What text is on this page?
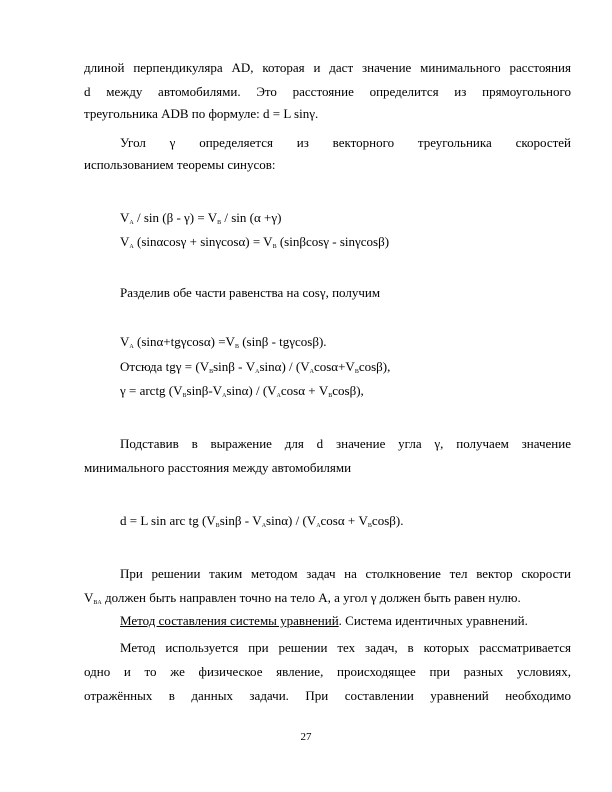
длиной перпендикуляра AD, которая и даст значение минимального расстояния
d между автомобилями. Это расстояние определится из прямоугольного
треугольника ADB по формуле: d = L sinγ.
Угол γ определяется из векторного треугольника скоростей
использованием теоремы синусов:
$V_A / \sin (\beta - \gamma) = V_B / \sin (\alpha +\gamma)$
$V_A$ $(\sin\alpha\cos\gamma + \sin\gamma\cos\alpha) = V_B$ (sinβcosγ - sinγcosβ)
Разделив обе части равенства на cosγ, получим
$V_A$ $(\sin\alpha+tg\gamma\cos\alpha) =V_B$ (sinβ - tgγcosβ).
Отсюда $tg\gamma = (V_B\sin\beta - V_A\sin\alpha) / (V_A\cos\alpha+V_B\cos\beta)$,
γ = arctg $(V_B\sin\beta-V_A\sin\alpha) / (V_A\cos\alpha + V_B\cos\beta)$,
Подставив в выражение для d значение угла γ, получаем значение
минимального расстояния между автомобилями
d = L sin arc tg $(V_B\sin\beta - V_A\sin\alpha) / (V_A\cos\alpha + V_B\cos\beta)$.
При решении таким методом задач на столкновение тел вектор скорости
$V_{BA}$ должен быть направлен точно на тело А, а угол γ должен быть равен нулю.
Метод составления системы уравнений. Система идентичных уравнений.
Метод используется при решении тех задач, в которых рассматривается
одно и то же физическое явление, происходящее при разных условиях,
отражённых в данных задачи. При составлении уравнений необходимо
27
